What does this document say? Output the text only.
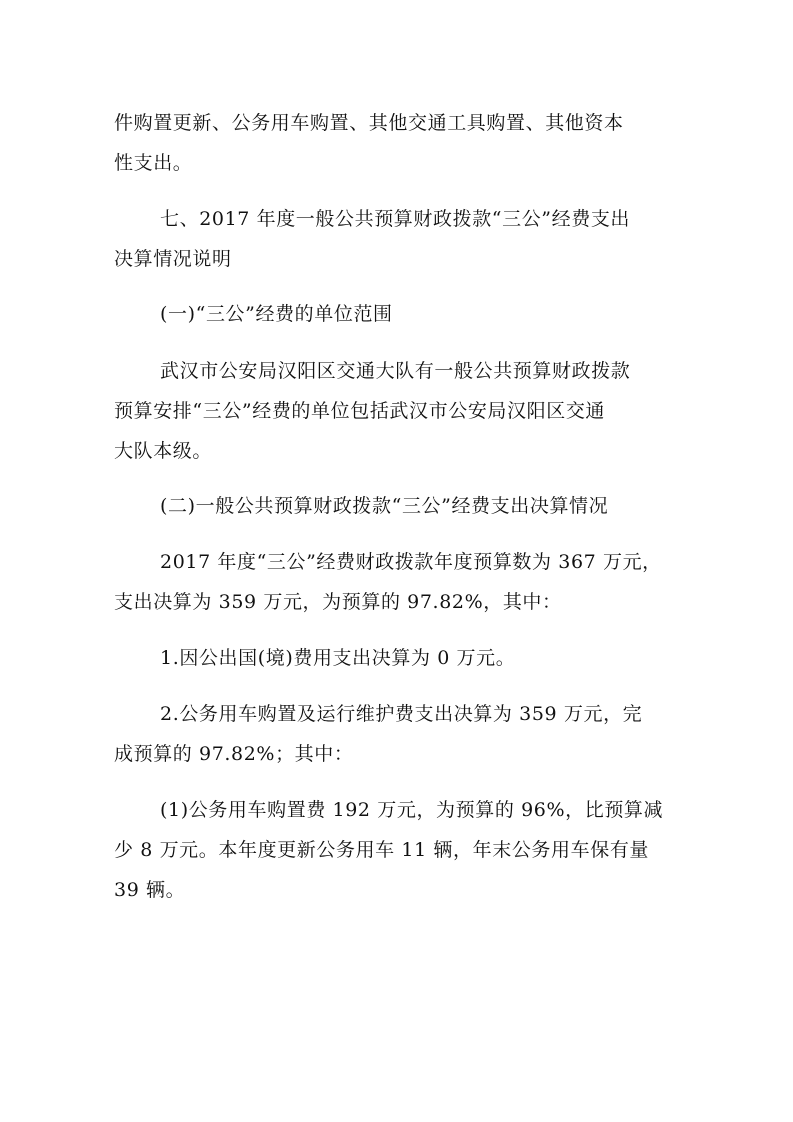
件购置更新、公务用车购置、其他交通工具购置、其他资本
性支出。
七、2017 年度一般公共预算财政拨款“三公”经费支出
决算情况说明
(一)“三公”经费的单位范围
武汉市公安局汉阳区交通大队有一般公共预算财政拨款
预算安排“三公”经费的单位包括武汉市公安局汉阳区交通
大队本级。
(二)一般公共预算财政拨款“三公”经费支出决算情况
2017 年度“三公”经费财政拨款年度预算数为 367 万元，
支出决算为 359 万元，为预算的 97.82%，其中：
1.因公出国(境)费用支出决算为 0 万元。
2.公务用车购置及运行维护费支出决算为 359 万元，完
成预算的 97.82%；其中：
(1)公务用车购置费 192 万元，为预算的 96%，比预算减
少 8 万元。本年度更新公务用车 11 辆，年末公务用车保有量
39 辆。
